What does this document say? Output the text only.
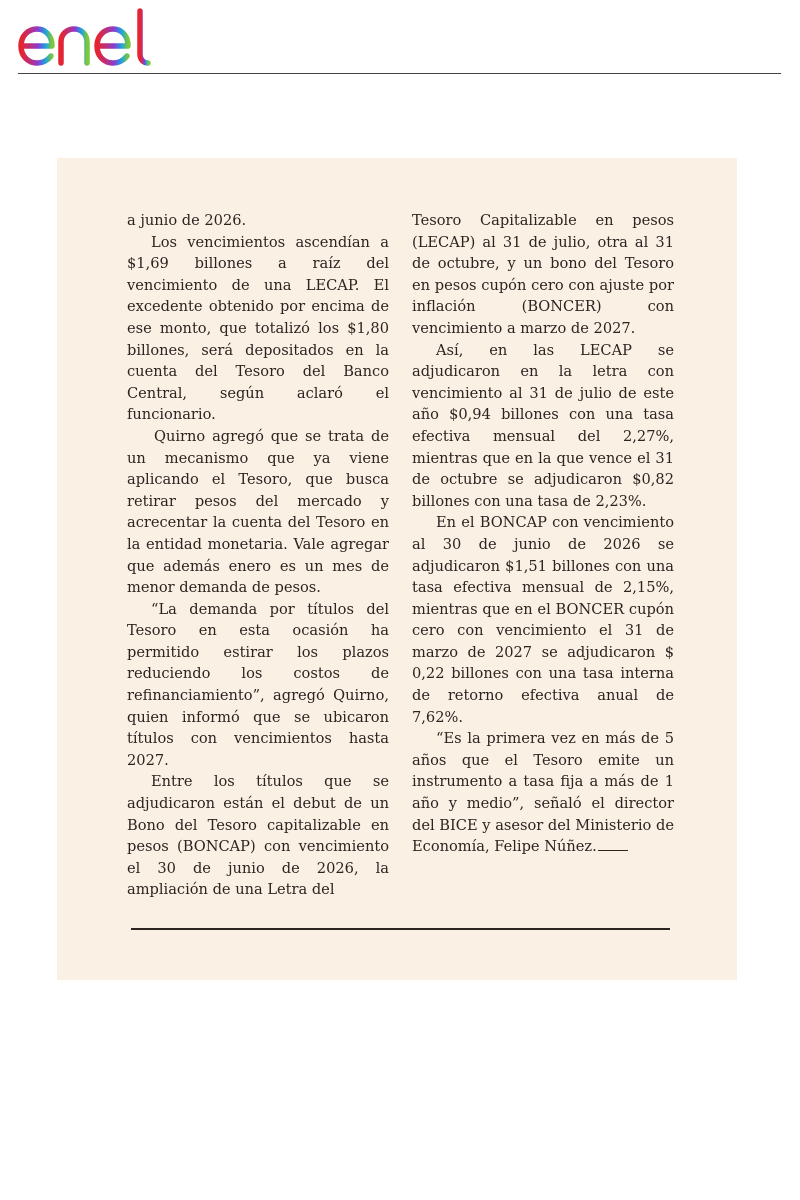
a junio de 2026.

Los vencimientos ascendían a $1,69 billones a raíz del vencimiento de una LECAP. El excedente obtenido por encima de ese monto, que totalizó los $1,80 billones, será depositados en la cuenta del Tesoro del Banco Central, según aclaró el funcionario.

Quirno agregó que se trata de un mecanismo que ya viene aplicando el Tesoro, que busca retirar pesos del mercado y acrecentar la cuenta del Tesoro en la entidad monetaria. Vale agregar que además enero es un mes de menor demanda de pesos.

“La demanda por títulos del Tesoro en esta ocasión ha permitido estirar los plazos reduciendo los costos de refinanciamiento”, agregó Quirno, quien informó que se ubicaron títulos con vencimientos hasta 2027.

Entre los títulos que se adjudicaron están el debut de un Bono del Tesoro capitalizable en pesos (BONCAP) con vencimiento el 30 de junio de 2026, la ampliación de una Letra del

Tesoro Capitalizable en pesos (LECAP) al 31 de julio, otra al 31 de octubre, y un bono del Tesoro en pesos cupón cero con ajuste por inflación (BONCER) con vencimiento a marzo de 2027.

Así, en las LECAP se adjudicaron en la letra con vencimiento al 31 de julio de este año $0,94 billones con una tasa efectiva mensual del 2,27%, mientras que en la que vence el 31 de octubre se adjudicaron $0,82 billones con una tasa de 2,23%.

En el BONCAP con vencimiento al 30 de junio de 2026 se adjudicaron $1,51 billones con una tasa efectiva mensual de 2,15%, mientras que en el BONCER cupón cero con vencimiento el 31 de marzo de 2027 se adjudicaron $ 0,22 billones con una tasa interna de retorno efectiva anual de 7,62%.

“Es la primera vez en más de 5 años que el Tesoro emite un instrumento a tasa fija a más de 1 año y medio”, señaló el director del BICE y asesor del Ministerio de Economía, Felipe Núñez.
